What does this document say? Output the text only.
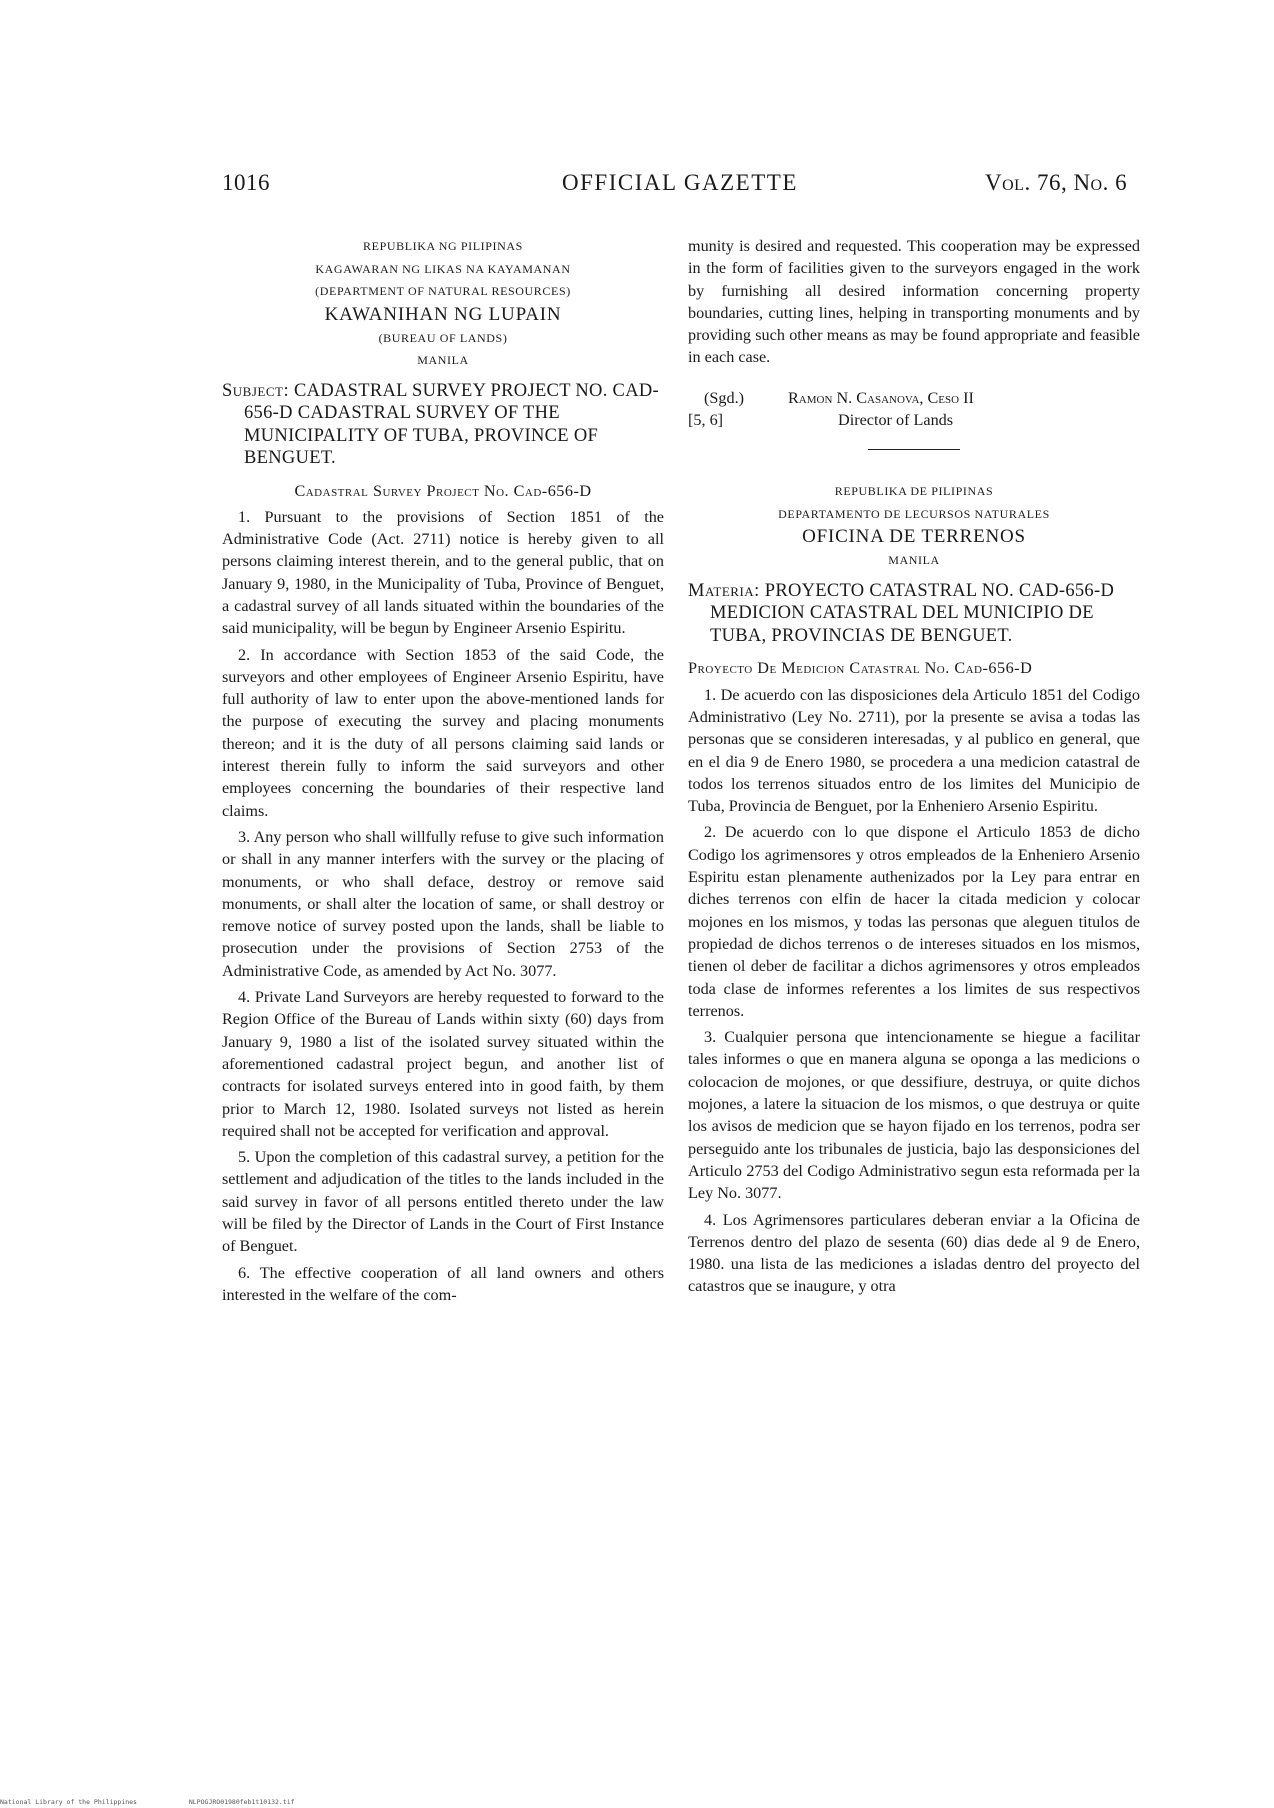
1016	OFFICIAL GAZETTE	Vol. 76, No. 6
REPUBLIKA NG PILIPINAS
KAGAWARAN NG LIKAS NA KAYAMANAN
(DEPARTMENT OF NATURAL RESOURCES)
KAWANIHAN NG LUPAIN
(BUREAU OF LANDS)
MANILA
Subject: CADASTRAL SURVEY PROJECT NO. CAD-656-D CADASTRAL SURVEY OF THE MUNICIPALITY OF TUBA, PROVINCE OF BENGUET.
Cadastral Survey Project No. Cad-656-D

1. Pursuant to the provisions of Section 1851 of the Administrative Code (Act. 2711) notice is hereby given to all persons claiming interest therein, and to the general public, that on January 9, 1980, in the Municipality of Tuba, Province of Benguet, a cadastral survey of all lands situated within the boundaries of the said municipality, will be begun by Engineer Arsenio Espiritu.

2. In accordance with Section 1853 of the said Code, the surveyors and other employees of Engineer Arsenio Espiritu, have full authority of law to enter upon the above-mentioned lands for the purpose of executing the survey and placing monuments thereon; and it is the duty of all persons claiming said lands or interest therein fully to inform the said surveyors and other employees concerning the boundaries of their respective land claims.

3. Any person who shall willfully refuse to give such information or shall in any manner interfers with the survey or the placing of monuments, or who shall deface, destroy or remove said monuments, or shall alter the location of same, or shall destroy or remove notice of survey posted upon the lands, shall be liable to prosecution under the provisions of Section 2753 of the Administrative Code, as amended by Act No. 3077.

4. Private Land Surveyors are hereby requested to forward to the Region Office of the Bureau of Lands within sixty (60) days from January 9, 1980 a list of the isolated survey situated within the aforementioned cadastral project begun, and another list of contracts for isolated surveys entered into in good faith, by them prior to March 12, 1980. Isolated surveys not listed as herein required shall not be accepted for verification and approval.

5. Upon the completion of this cadastral survey, a petition for the settlement and adjudication of the titles to the lands included in the said survey in favor of all persons entitled thereto under the law will be filed by the Director of Lands in the Court of First Instance of Benguet.

6. The effective cooperation of all land owners and others interested in the welfare of the com-

munity is desired and requested. This cooperation may be expressed in the form of facilities given to the surveyors engaged in the work by furnishing all desired information concerning property boundaries, cutting lines, helping in transporting monuments and by providing such other means as may be found appropriate and feasible in each case.

(Sgd.)
[5, 6]
Ramon N. Casanova, Ceso II
Director of Lands
REPUBLIKA DE PILIPINAS
DEPARTAMENTO DE LECURSOS NATURALES
OFICINA DE TERRENOS
MANILA
Materia: PROYECTO CATASTRAL NO. CAD-656-D MEDICION CATASTRAL DEL MUNICIPIO DE TUBA, PROVINCIAS DE BENGUET.
Proyecto De Medicion Catastral No. Cad-656-D

1. De acuerdo con las disposiciones dela Articulo 1851 del Codigo Administrativo (Ley No. 2711), por la presente se avisa a todas las personas que se consideren interesadas, y al publico en general, que en el dia 9 de Enero 1980, se procedera a una medicion catastral de todos los terrenos situados entro de los limites del Municipio de Tuba, Provincia de Benguet, por la Enheniero Arsenio Espiritu.

2. De acuerdo con lo que dispone el Articulo 1853 de dicho Codigo los agrimensores y otros empleados de la Enheniero Arsenio Espiritu estan plenamente authenizados por la Ley para entrar en diches terrenos con elfin de hacer la citada medicion y colocar mojones en los mismos, y todas las personas que aleguen titulos de propiedad de dichos terrenos o de intereses situados en los mismos, tienen ol deber de facilitar a dichos agrimensores y otros empleados toda clase de informes referentes a los limites de sus respectivos terrenos.

3. Cualquier persona que intencionamente se hiegue a facilitar tales informes o que en manera alguna se oponga a las medicions o colocacion de mojones, or que dessifiure, destruya, or quite dichos mojones, a latere la situacion de los mismos, o que destruya or quite los avisos de medicion que se hayon fijado en los terrenos, podra ser perseguido ante los tribunales de justicia, bajo las desponsiciones del Articulo 2753 del Codigo Administrativo segun esta reformada per la Ley No. 3077.

4. Los Agrimensores particulares deberan enviar a la Oficina de Terrenos dentro del plazo de sesenta (60) dias dede al 9 de Enero, 1980. una lista de las mediciones a isladas dentro del proyecto del catastros que se inaugure, y otra

National Library of the Philippines	NLPOGJRO01980feb1t10132.tif
